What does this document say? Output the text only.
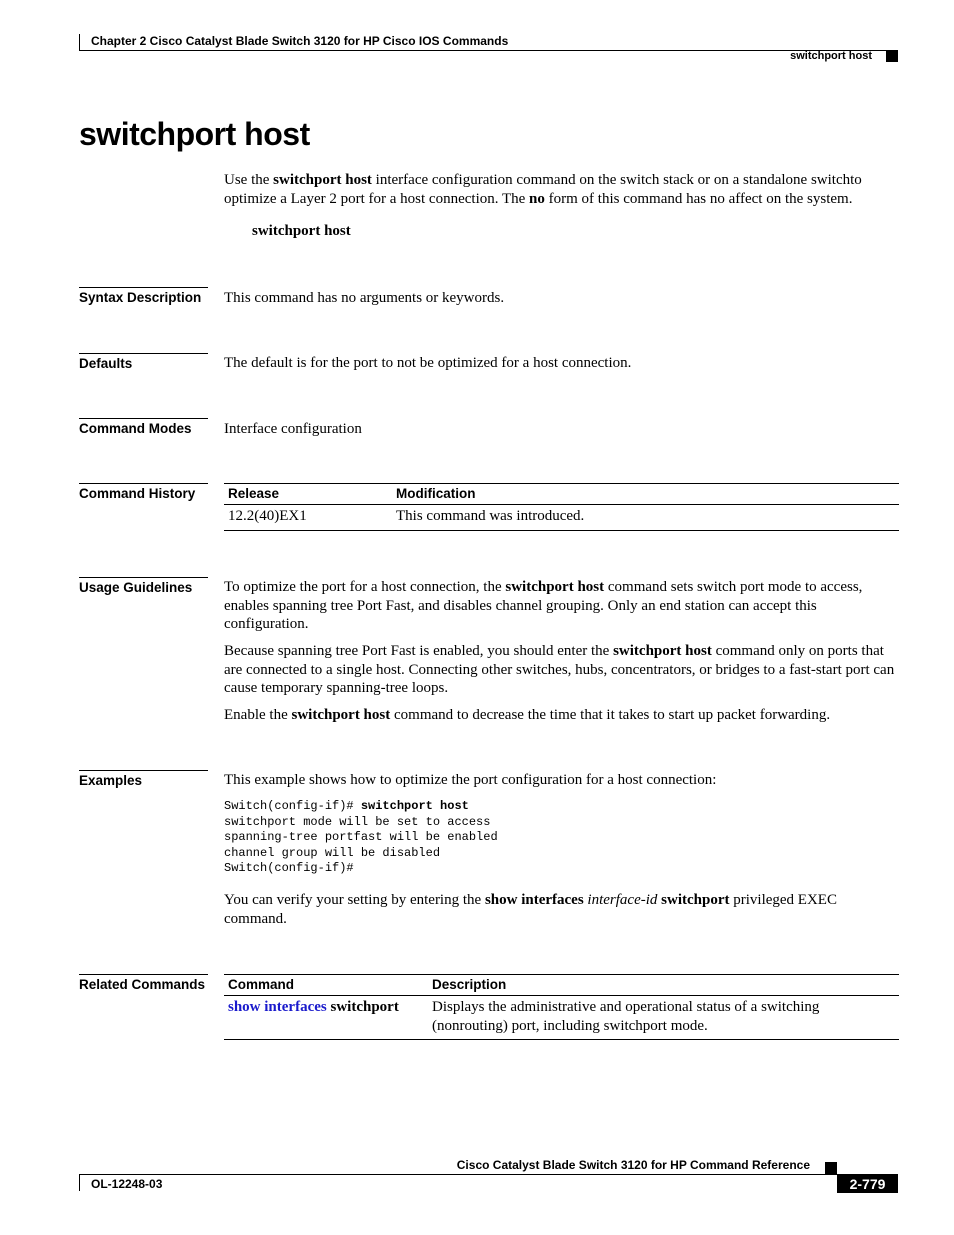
Chapter 2 Cisco Catalyst Blade Switch 3120 for HP Cisco IOS Commands
switchport host
switchport host

Use the switchport host interface configuration command on the switch stack or on a standalone switchto optimize a Layer 2 port for a host connection. The no form of this command has no affect on the system.

switchport host
Syntax Description	This command has no arguments or keywords.

Defaults	The default is for the port to not be optimized for a host connection.

Command Modes	Interface configuration

Command History	Release	Modification
12.2(40)EX1	This command was introduced.
Usage Guidelines	To optimize the port for a host connection, the switchport host command sets switch port mode to access, enables spanning tree Port Fast, and disables channel grouping. Only an end station can accept this configuration.

Because spanning tree Port Fast is enabled, you should enter the switchport host command only on ports that are connected to a single host. Connecting other switches, hubs, concentrators, or bridges to a fast-start port can cause temporary spanning-tree loops.

Enable the switchport host command to decrease the time that it takes to start up packet forwarding.

Examples	This example shows how to optimize the port configuration for a host connection:

Switch(config-if)# switchport host
switchport mode will be set to access
spanning-tree portfast will be enabled
channel group will be disabled
Switch(config-if)#

You can verify your setting by entering the show interfaces interface-id switchport privileged EXEC command.

Related Commands Command	Description
show interfaces switchport	Displays the administrative and operational status of a switching (nonrouting) port, including switchport mode.
Cisco Catalyst Blade Switch 3120 for HP Command Reference
OL-12248-03	2-779
